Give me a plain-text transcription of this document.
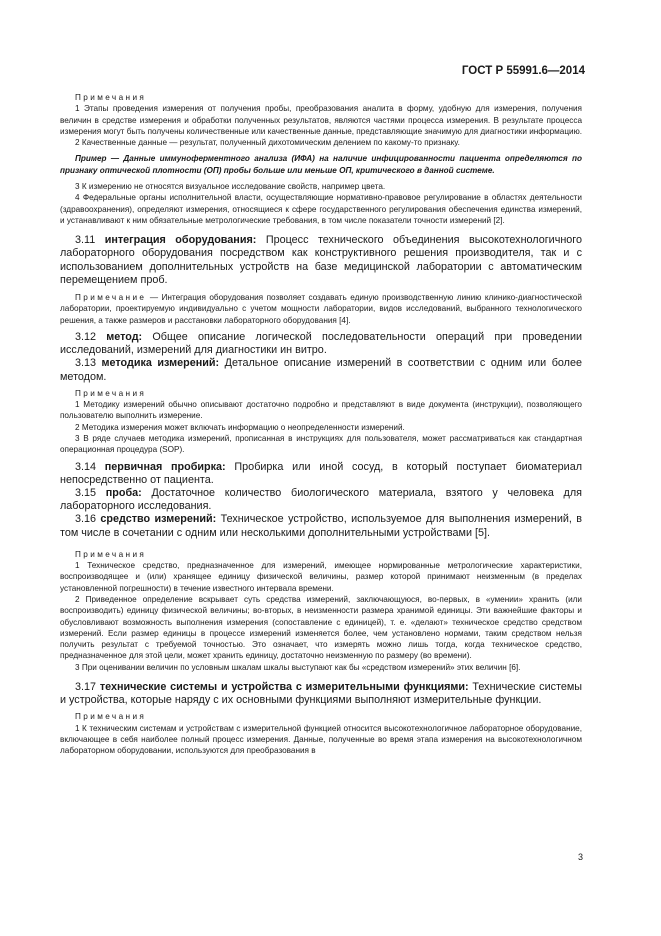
ГОСТ Р 55991.6—2014

Примечания

1 Этапы проведения измерения от получения пробы, преобразования аналита в форму, удобную для измерения, получения величин в средстве измерения и обработки полученных результатов, являются частями процесса измерения. В результате процесса измерения могут быть получены количественные или качественные данные, представляющие значимую для диагностики информацию.

2 Качественные данные — результат, полученный дихотомическим делением по какому-то признаку.

Пример — Данные иммуноферментного анализа (ИФА) на наличие инфицированности пациента определяются по признаку оптической плотности (ОП) пробы больше или меньше ОП, критического в данной системе.

3 К измерению не относятся визуальное исследование свойств, например цвета.

4 Федеральные органы исполнительной власти, осуществляющие нормативно-правовое регулирование в областях деятельности (здравоохранения), определяют измерения, относящиеся к сфере государственного регулирования обеспечения единства измерений, и устанавливают к ним обязательные метрологические требования, в том числе показатели точности измерений [2].

3.11 интеграция оборудования: Процесс технического объединения высокотехнологичного лабораторного оборудования посредством как конструктивного решения производителя, так и с использованием дополнительных устройств на базе медицинской лаборатории с автоматическим перемещением проб.

Примечание — Интеграция оборудования позволяет создавать единую производственную линию клинико-диагностической лаборатории, проектируемую индивидуально с учетом мощности лаборатории, видов исследований, выбранного технологического решения, а также размеров и расстановки лабораторного оборудования [4].

3.12 метод: Общее описание логической последовательности операций при проведении исследований, измерений для диагностики ин витро.

3.13 методика измерений: Детальное описание измерений в соответствии с одним или более методом.

Примечания

1 Методику измерений обычно описывают достаточно подробно и представляют в виде документа (инструкции), позволяющего пользователю выполнить измерение.

2 Методика измерения может включать информацию о неопределенности измерений.

3 В ряде случаев методика измерений, прописанная в инструкциях для пользователя, может рассматриваться как стандартная операционная процедура (SOP).

3.14 первичная пробирка: Пробирка или иной сосуд, в который поступает биоматериал непосредственно от пациента.

3.15 проба: Достаточное количество биологического материала, взятого у человека для лабораторного исследования.

3.16 средство измерений: Техническое устройство, используемое для выполнения измерений, в том числе в сочетании с одним или несколькими дополнительными устройствами [5].

Примечания

1 Техническое средство, предназначенное для измерений, имеющее нормированные метрологические характеристики, воспроизводящее и (или) хранящее единицу физической величины, размер которой принимают неизменным (в пределах установленной погрешности) в течение известного интервала времени.

2 Приведенное определение вскрывает суть средства измерений, заключающуюся, во-первых, в «умении» хранить (или воспроизводить) единицу физической величины; во-вторых, в неизменности размера хранимой единицы. Эти важнейшие факторы и обусловливают возможность выполнения измерения (сопоставление с единицей), т. е. «делают» техническое средство средством измерений. Если размер единицы в процессе измерений изменяется более, чем установлено нормами, таким средством нельзя получить результат с требуемой точностью. Это означает, что измерять можно лишь тогда, когда техническое средство, предназначенное для этой цели, может хранить единицу, достаточно неизменную по размеру (во времени).

3 При оценивании величин по условным шкалам шкалы выступают как бы «средством измерений» этих величин [6].

3.17 технические системы и устройства с измерительными функциями: Технические системы и устройства, которые наряду с их основными функциями выполняют измерительные функции.

Примечания

1 К техническим системам и устройствам с измерительной функцией относится высокотехнологичное лабораторное оборудование, включающее в себя наиболее полный процесс измерения. Данные, полученные во время этапа измерения на высокотехнологичном лабораторном оборудовании, используются для преобразования в

3
